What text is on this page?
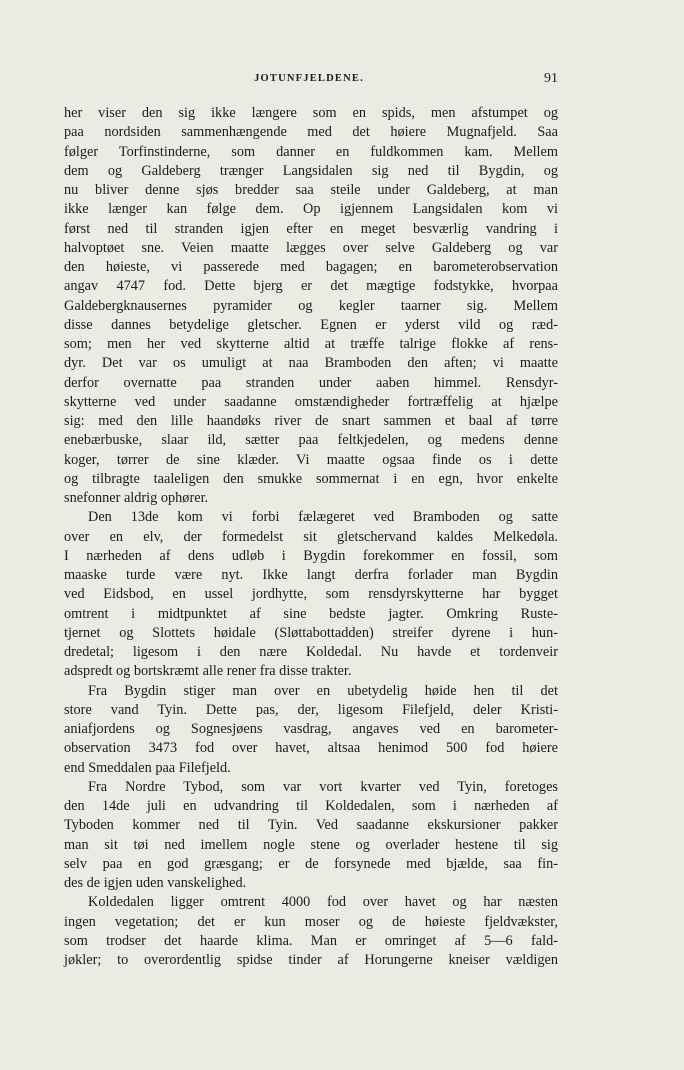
JOTUNFJELDENE.	91

her viser den sig ikke længere som en spids, men afstumpet og
paa nordsiden sammenhængende med det høiere Mugnafjeld. Saa
følger Torfinstinderne, som danner en fuldkommen kam. Mellem
dem og Galdeberg trænger Langsidalen sig ned til Bygdin, og
nu bliver denne sjøs bredder saa steile under Galdeberg, at man
ikke længer kan følge dem. Op igjennem Langsidalen kom vi
først ned til stranden igjen efter en meget besværlig vandring i
halvoptøet sne. Veien maatte lægges over selve Galdeberg og var
den høieste, vi passerede med bagagen; en barometerobservation
angav 4747 fod. Dette bjerg er det mægtige fodstykke, hvorpaa
Galdebergknausernes pyramider og kegler taarner sig. Mellem
disse dannes betydelige gletscher. Egnen er yderst vild og ræd-
som; men her ved skytterne altid at træffe talrige flokke af rens-
dyr. Det var os umuligt at naa Bramboden den aften; vi maatte
derfor overnatte paa stranden under aaben himmel. Rensdyr-
skytterne ved under saadanne omstændigheder fortræffelig at hjælpe
sig: med den lille haandøks river de snart sammen et baal af tørre
enebærbuske, slaar ild, sætter paa feltkjedelen, og medens denne
koger, tørrer de sine klæder. Vi maatte ogsaa finde os i dette
og tilbragte taaleligen den smukke sommernat i en egn, hvor enkelte
snefonner aldrig ophører.

Den 13de kom vi forbi fælægeret ved Bramboden og satte
over en elv, der formedelst sit gletschervand kaldes Melkedøla.
I nærheden af dens udløb i Bygdin forekommer en fossil, som
maaske turde være nyt. Ikke langt derfra forlader man Bygdin
ved Eidsbod, en ussel jordhytte, som rensdyrskytterne har bygget
omtrent i midtpunktet af sine bedste jagter. Omkring Ruste-
tjernet og Slottets høidale (Sløttabottadden) streifer dyrene i hun-
dredetal; ligesom i den nære Koldedal. Nu havde et tordenveir
adspredt og bortskræmt alle rener fra disse trakter.

Fra Bygdin stiger man over en ubetydelig høide hen til det
store vand Tyin. Dette pas, der, ligesom Filefjeld, deler Kristi-
aniafjordens og Sognesjøens vasdrag, angaves ved en barometer-
observation 3473 fod over havet, altsaa henimod 500 fod høiere
end Smeddalen paa Filefjeld.

Fra Nordre Tybod, som var vort kvarter ved Tyin, foretoges
den 14de juli en udvandring til Koldedalen, som i nærheden af
Tyboden kommer ned til Tyin. Ved saadanne ekskursioner pakker
man sit tøi ned imellem nogle stene og overlader hestene til sig
selv paa en god græsgang; er de forsynede med bjælde, saa fin-
des de igjen uden vanskelighed.

Koldedalen ligger omtrent 4000 fod over havet og har næsten
ingen vegetation; det er kun moser og de høieste fjeldvækster,
som trodser det haarde klima. Man er omringet af 5—6 fald-
jøkler; to overordentlig spidse tinder af Horungerne kneiser vældigen
